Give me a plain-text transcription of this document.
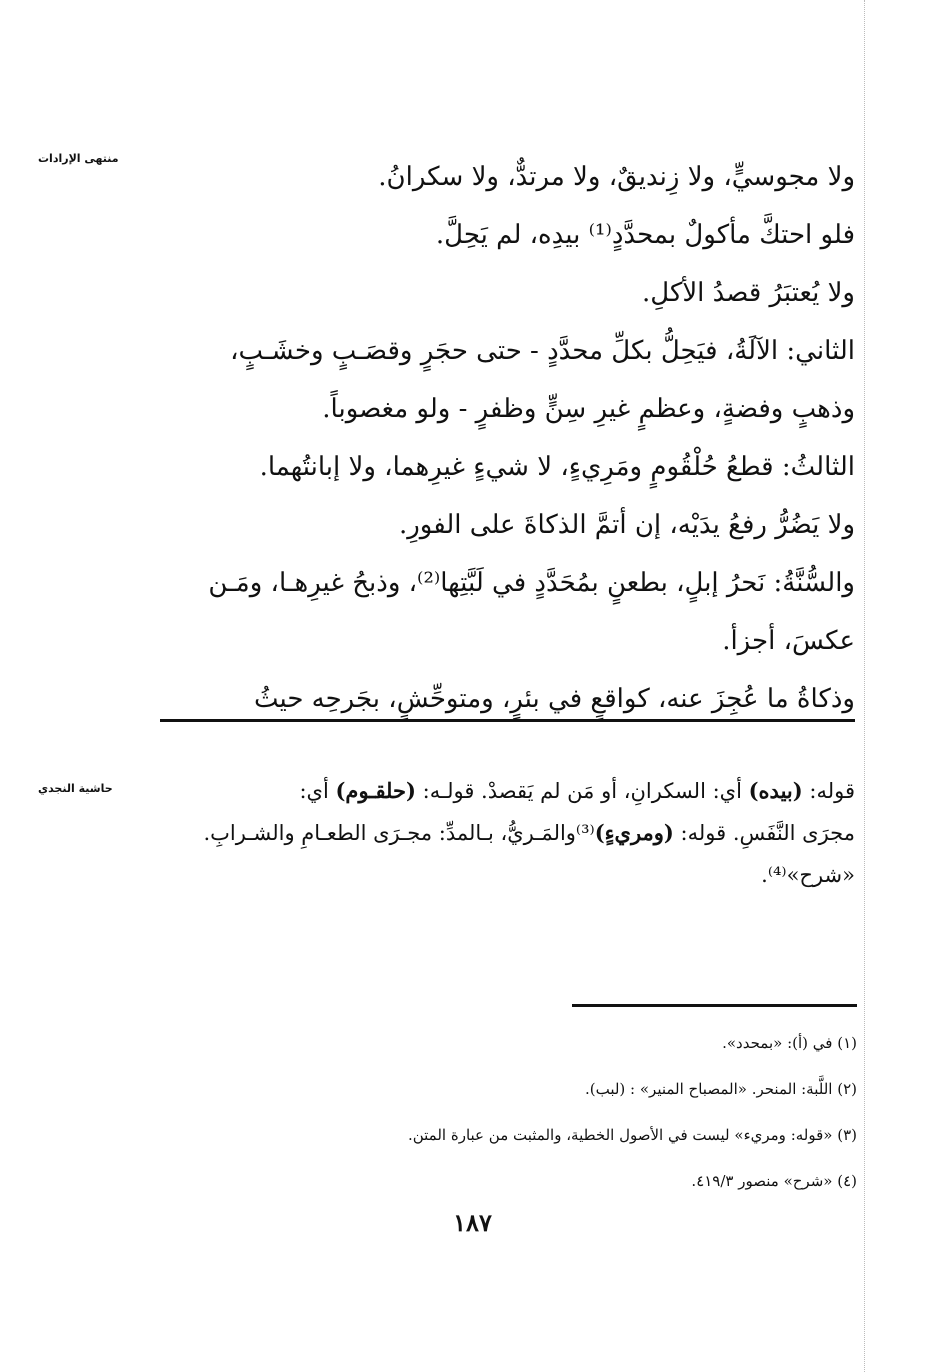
منتهى الإرادات
حاشية النجدي
ولا مجوسيٍّ، ولا زِنديقٌ، ولا مرتدٌّ، ولا سكرانُ.
فلو احتكَّ مأكولٌ بمحدَّدٍ⁽¹⁾ بيدِه، لم يَحِلَّ.
ولا يُعتبَرُ قصدُ الأكلِ.
الثاني: الآلَةُ، فيَحِلُّ بكلِّ محدَّدٍ - حتى حجَرٍ وقصَـبٍ وخشَـبٍ،
وذهبٍ وفضةٍ، وعظمٍ غيرِ سِنٍّ وظفرٍ - ولو مغصوباً.
الثالثُ: قطعُ حُلْقُومٍ ومَرِيءٍ، لا شيءٍ غيرِهما، ولا إبانتُهما.
ولا يَضُرُّ رفعُ يدَيْه، إن أتمَّ الذكاةَ على الفورِ.
والسُّنَّةُ: نَحرُ إبلٍ، بطعنٍ بمُحَدَّدٍ في لَبَّتِها⁽²⁾، وذبحُ غيرِهـا، ومَـن
عكسَ، أجزأ.
وذكاةُ ما عُجِزَ عنه، كواقعٍ في بئرٍ، ومتوحِّشٍ، بجَرحِه حيثُ
قوله: (بيده) أي: السكرانِ، أو مَن لم يَقصدْ. قولـه: (حلقـوم) أي:
مجرَى النَّفَسِ. قوله: (ومريءٍ)⁽³⁾والمَـريُّ، بـالمدِّ: مجـرَى الطعـامِ والشـرابِ.
«شرح»⁽⁴⁾.
(١) في (أ): «بمحدد».
(٢) اللَّبة: المنحر. «المصباح المنير» : (لبب).
(٣) «قوله: ومريء» ليست في الأصول الخطية، والمثبت من عبارة المتن.
(٤) «شرح» منصور ٤١٩/٣.
١٨٧
